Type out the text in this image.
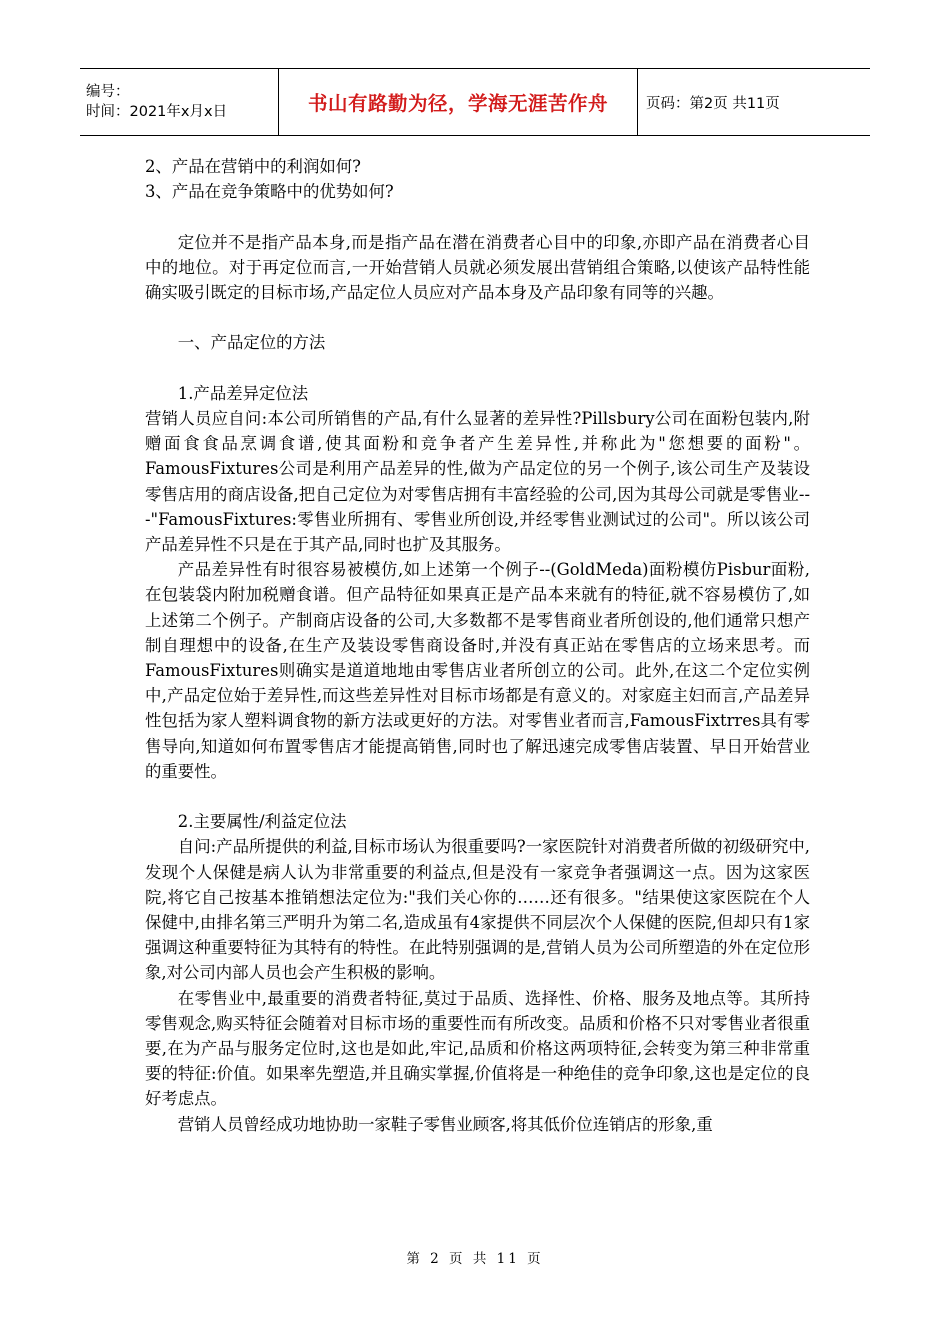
编号：
时间：2021年x月x日	书山有路勤为径，学海无涯苦作舟	页码：第2页 共11页

2、产品在营销中的利润如何?

3、产品在竞争策略中的优势如何?

定位并不是指产品本身,而是指产品在潜在消费者心目中的印象,亦即产品在消费者心目中的地位。对于再定位而言,一开始营销人员就必须发展出营销组合策略,以使该产品特性能确实吸引既定的目标市场,产品定位人员应对产品本身及产品印象有同等的兴趣。

一、产品定位的方法

1.产品差异定位法

营销人员应自问:本公司所销售的产品,有什么显著的差异性?Pillsbury公司在面粉包装内,附赠面食食品烹调食谱,使其面粉和竞争者产生差异性,并称此为"您想要的面粉"。FamousFixtures公司是利用产品差异的性,做为产品定位的另一个例子,该公司生产及装设零售店用的商店设备,把自己定位为对零售店拥有丰富经验的公司,因为其母公司就是零售业---"FamousFixtures:零售业所拥有、零售业所创设,并经零售业测试过的公司"。所以该公司产品差异性不只是在于其产品,同时也扩及其服务。

产品差异性有时很容易被模仿,如上述第一个例子--(GoldMeda)面粉模仿Pisbur面粉,在包装袋内附加税赠食谱。但产品特征如果真正是产品本来就有的特征,就不容易模仿了,如上述第二个例子。产制商店设备的公司,大多数都不是零售商业者所创设的,他们通常只想产制自理想中的设备,在生产及装设零售商设备时,并没有真正站在零售店的立场来思考。而FamousFixtures则确实是道道地地由零售店业者所创立的公司。此外,在这二个定位实例中,产品定位始于差异性,而这些差异性对目标市场都是有意义的。对家庭主妇而言,产品差异性包括为家人塑料调食物的新方法或更好的方法。对零售业者而言,FamousFixtrres具有零售导向,知道如何布置零售店才能提高销售,同时也了解迅速完成零售店装置、早日开始营业的重要性。

2.主要属性/利益定位法

自问:产品所提供的利益,目标市场认为很重要吗?一家医院针对消费者所做的初级研究中,发现个人保健是病人认为非常重要的利益点,但是没有一家竞争者强调这一点。因为这家医院,将它自己按基本推销想法定位为:"我们关心你的……还有很多。"结果使这家医院在个人保健中,由排名第三严明升为第二名,造成虽有4家提供不同层次个人保健的医院,但却只有1家强调这种重要特征为其特有的特性。在此特别强调的是,营销人员为公司所塑造的外在定位形象,对公司内部人员也会产生积极的影响。

在零售业中,最重要的消费者特征,莫过于品质、选择性、价格、服务及地点等。其所持零售观念,购买特征会随着对目标市场的重要性而有所改变。品质和价格不只对零售业者很重要,在为产品与服务定位时,这也是如此,牢记,品质和价格这两项特征,会转变为第三种非常重要的特征:价值。如果率先塑造,并且确实掌握,价值将是一种绝佳的竞争印象,这也是定位的良好考虑点。

营销人员曾经成功地协助一家鞋子零售业顾客,将其低价位连销店的形象,重

第 2 页 共 11 页
